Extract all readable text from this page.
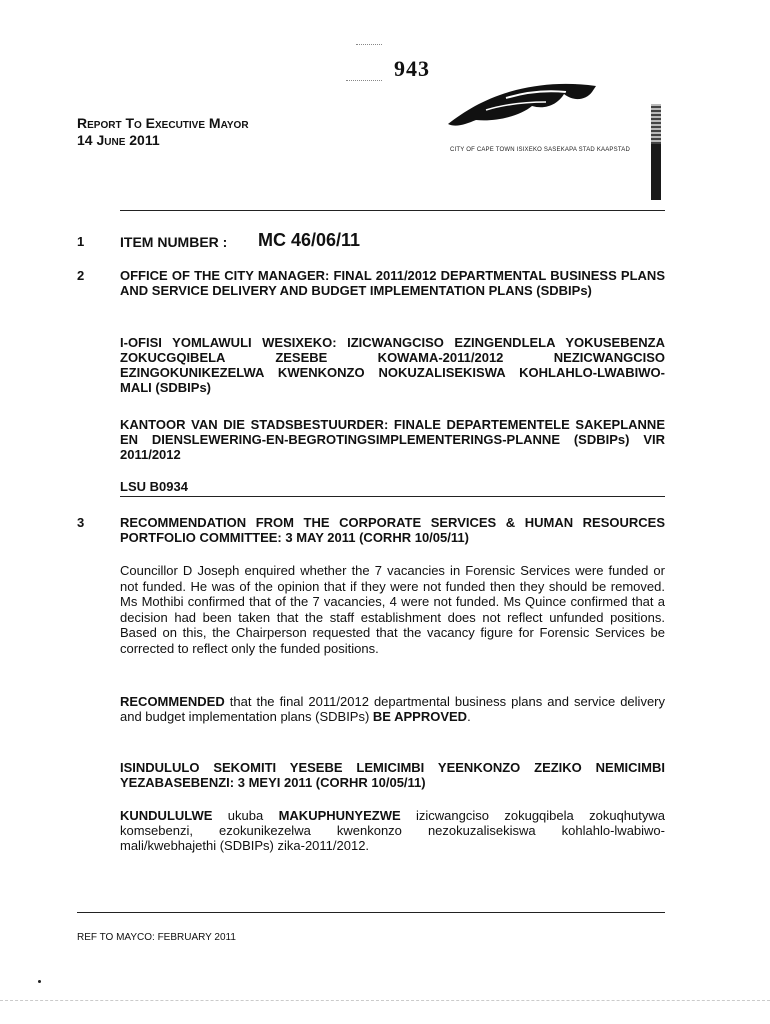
943
Report To Executive Mayor
14 June 2011
CITY OF CAPE TOWN ISIXEKO SASEKAPA STAD KAAPSTAD
1	ITEM NUMBER : MC 46/06/11
2	OFFICE OF THE CITY MANAGER: FINAL 2011/2012 DEPARTMENTAL BUSINESS PLANS AND SERVICE DELIVERY AND BUDGET IMPLEMENTATION PLANS (SDBIPs)
I-OFISI YOMLAWULI WESIXEKO: IZICWANGCISO EZINGENDLELA YOKUSEBENZA ZOKUCGQIBELA ZESEBE KOWAMA-2011/2012 NEZICWANGCISO EZINGOKUNIKEZELWA KWENKONZO NOKUZALISEKISWA KOHLAHLO-LWABIWO-MALI (SDBIPs)
KANTOOR VAN DIE STADSBESTUURDER: FINALE DEPARTEMENTELE SAKEPLANNE EN DIENSLEWERING-EN-BEGROTINGSIMPLEMENTERINGS-PLANNE (SDBIPs) VIR 2011/2012
LSU B0934
3	RECOMMENDATION FROM THE CORPORATE SERVICES & HUMAN RESOURCES PORTFOLIO COMMITTEE: 3 MAY 2011 (CORHR 10/05/11)
Councillor D Joseph enquired whether the 7 vacancies in Forensic Services were funded or not funded. He was of the opinion that if they were not funded then they should be removed. Ms Mothibi confirmed that of the 7 vacancies, 4 were not funded. Ms Quince confirmed that a decision had been taken that the staff establishment does not reflect unfunded positions. Based on this, the Chairperson requested that the vacancy figure for Forensic Services be corrected to reflect only the funded positions.
RECOMMENDED that the final 2011/2012 departmental business plans and service delivery and budget implementation plans (SDBIPs) BE APPROVED.
ISINDULULO SEKOMITI YESEBE LEMICIMBI YEENKONZO ZEZIKO NEMICIMBI YEZABASEBENZI: 3 MEYI 2011 (CORHR 10/05/11)
KUNDULULWE ukuba MAKUPHUNYEZWE izicwangciso zokugqibela zokuqhutywa komsebenzi, ezokunikezelwa kwenkonzo nezokuzalisekiswa kohlahlo-lwabiwo-mali/kwebhajethi (SDBIPs) zika-2011/2012.
REF TO MAYCO: FEBRUARY 2011
